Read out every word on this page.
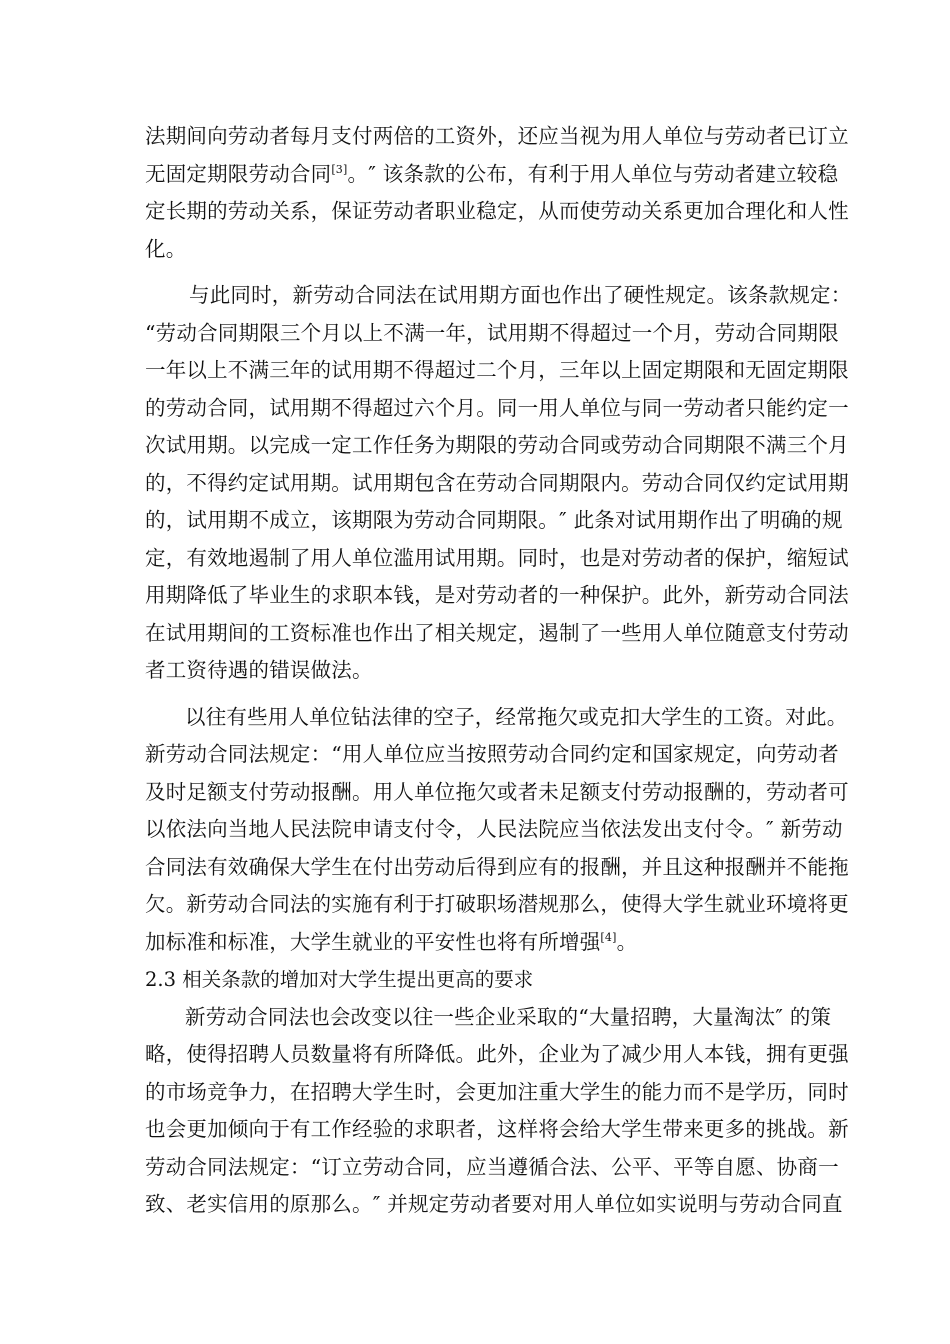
法期间向劳动者每月支付两倍的工资外，还应当视为用人单位与劳动者已订立
无固定期限劳动合同[3]。″ 该条款的公布，有利于用人单位与劳动者建立较稳
定长期的劳动关系，保证劳动者职业稳定，从而使劳动关系更加合理化和人性
化。
与此同时，新劳动合同法在试用期方面也作出了硬性规定。该条款规定：
“劳动合同期限三个月以上不满一年，试用期不得超过一个月，劳动合同期限
一年以上不满三年的试用期不得超过二个月，三年以上固定期限和无固定期限
的劳动合同，试用期不得超过六个月。同一用人单位与同一劳动者只能约定一
次试用期。以完成一定工作任务为期限的劳动合同或劳动合同期限不满三个月
的，不得约定试用期。试用期包含在劳动合同期限内。劳动合同仅约定试用期
的，试用期不成立，该期限为劳动合同期限。″ 此条对试用期作出了明确的规
定，有效地遏制了用人单位滥用试用期。同时，也是对劳动者的保护，缩短试
用期降低了毕业生的求职本钱，是对劳动者的一种保护。此外，新劳动合同法
在试用期间的工资标准也作出了相关规定，遏制了一些用人单位随意支付劳动
者工资待遇的错误做法。
以往有些用人单位钻法律的空子，经常拖欠或克扣大学生的工资。对此。
新劳动合同法规定：“用人单位应当按照劳动合同约定和国家规定，向劳动者
及时足额支付劳动报酬。用人单位拖欠或者未足额支付劳动报酬的，劳动者可
以依法向当地人民法院申请支付令，人民法院应当依法发出支付令。″ 新劳动
合同法有效确保大学生在付出劳动后得到应有的报酬，并且这种报酬并不能拖
欠。新劳动合同法的实施有利于打破职场潜规那么，使得大学生就业环境将更
加标准和标准，大学生就业的平安性也将有所增强[4]。
2.3 相关条款的增加对大学生提出更高的要求
新劳动合同法也会改变以往一些企业采取的“大量招聘，大量淘汰″ 的策
略，使得招聘人员数量将有所降低。此外，企业为了减少用人本钱，拥有更强
的市场竞争力，在招聘大学生时，会更加注重大学生的能力而不是学历，同时
也会更加倾向于有工作经验的求职者，这样将会给大学生带来更多的挑战。新
劳动合同法规定：“订立劳动合同，应当遵循合法、公平、平等自愿、协商一
致、老实信用的原那么。″ 并规定劳动者要对用人单位如实说明与劳动合同直
